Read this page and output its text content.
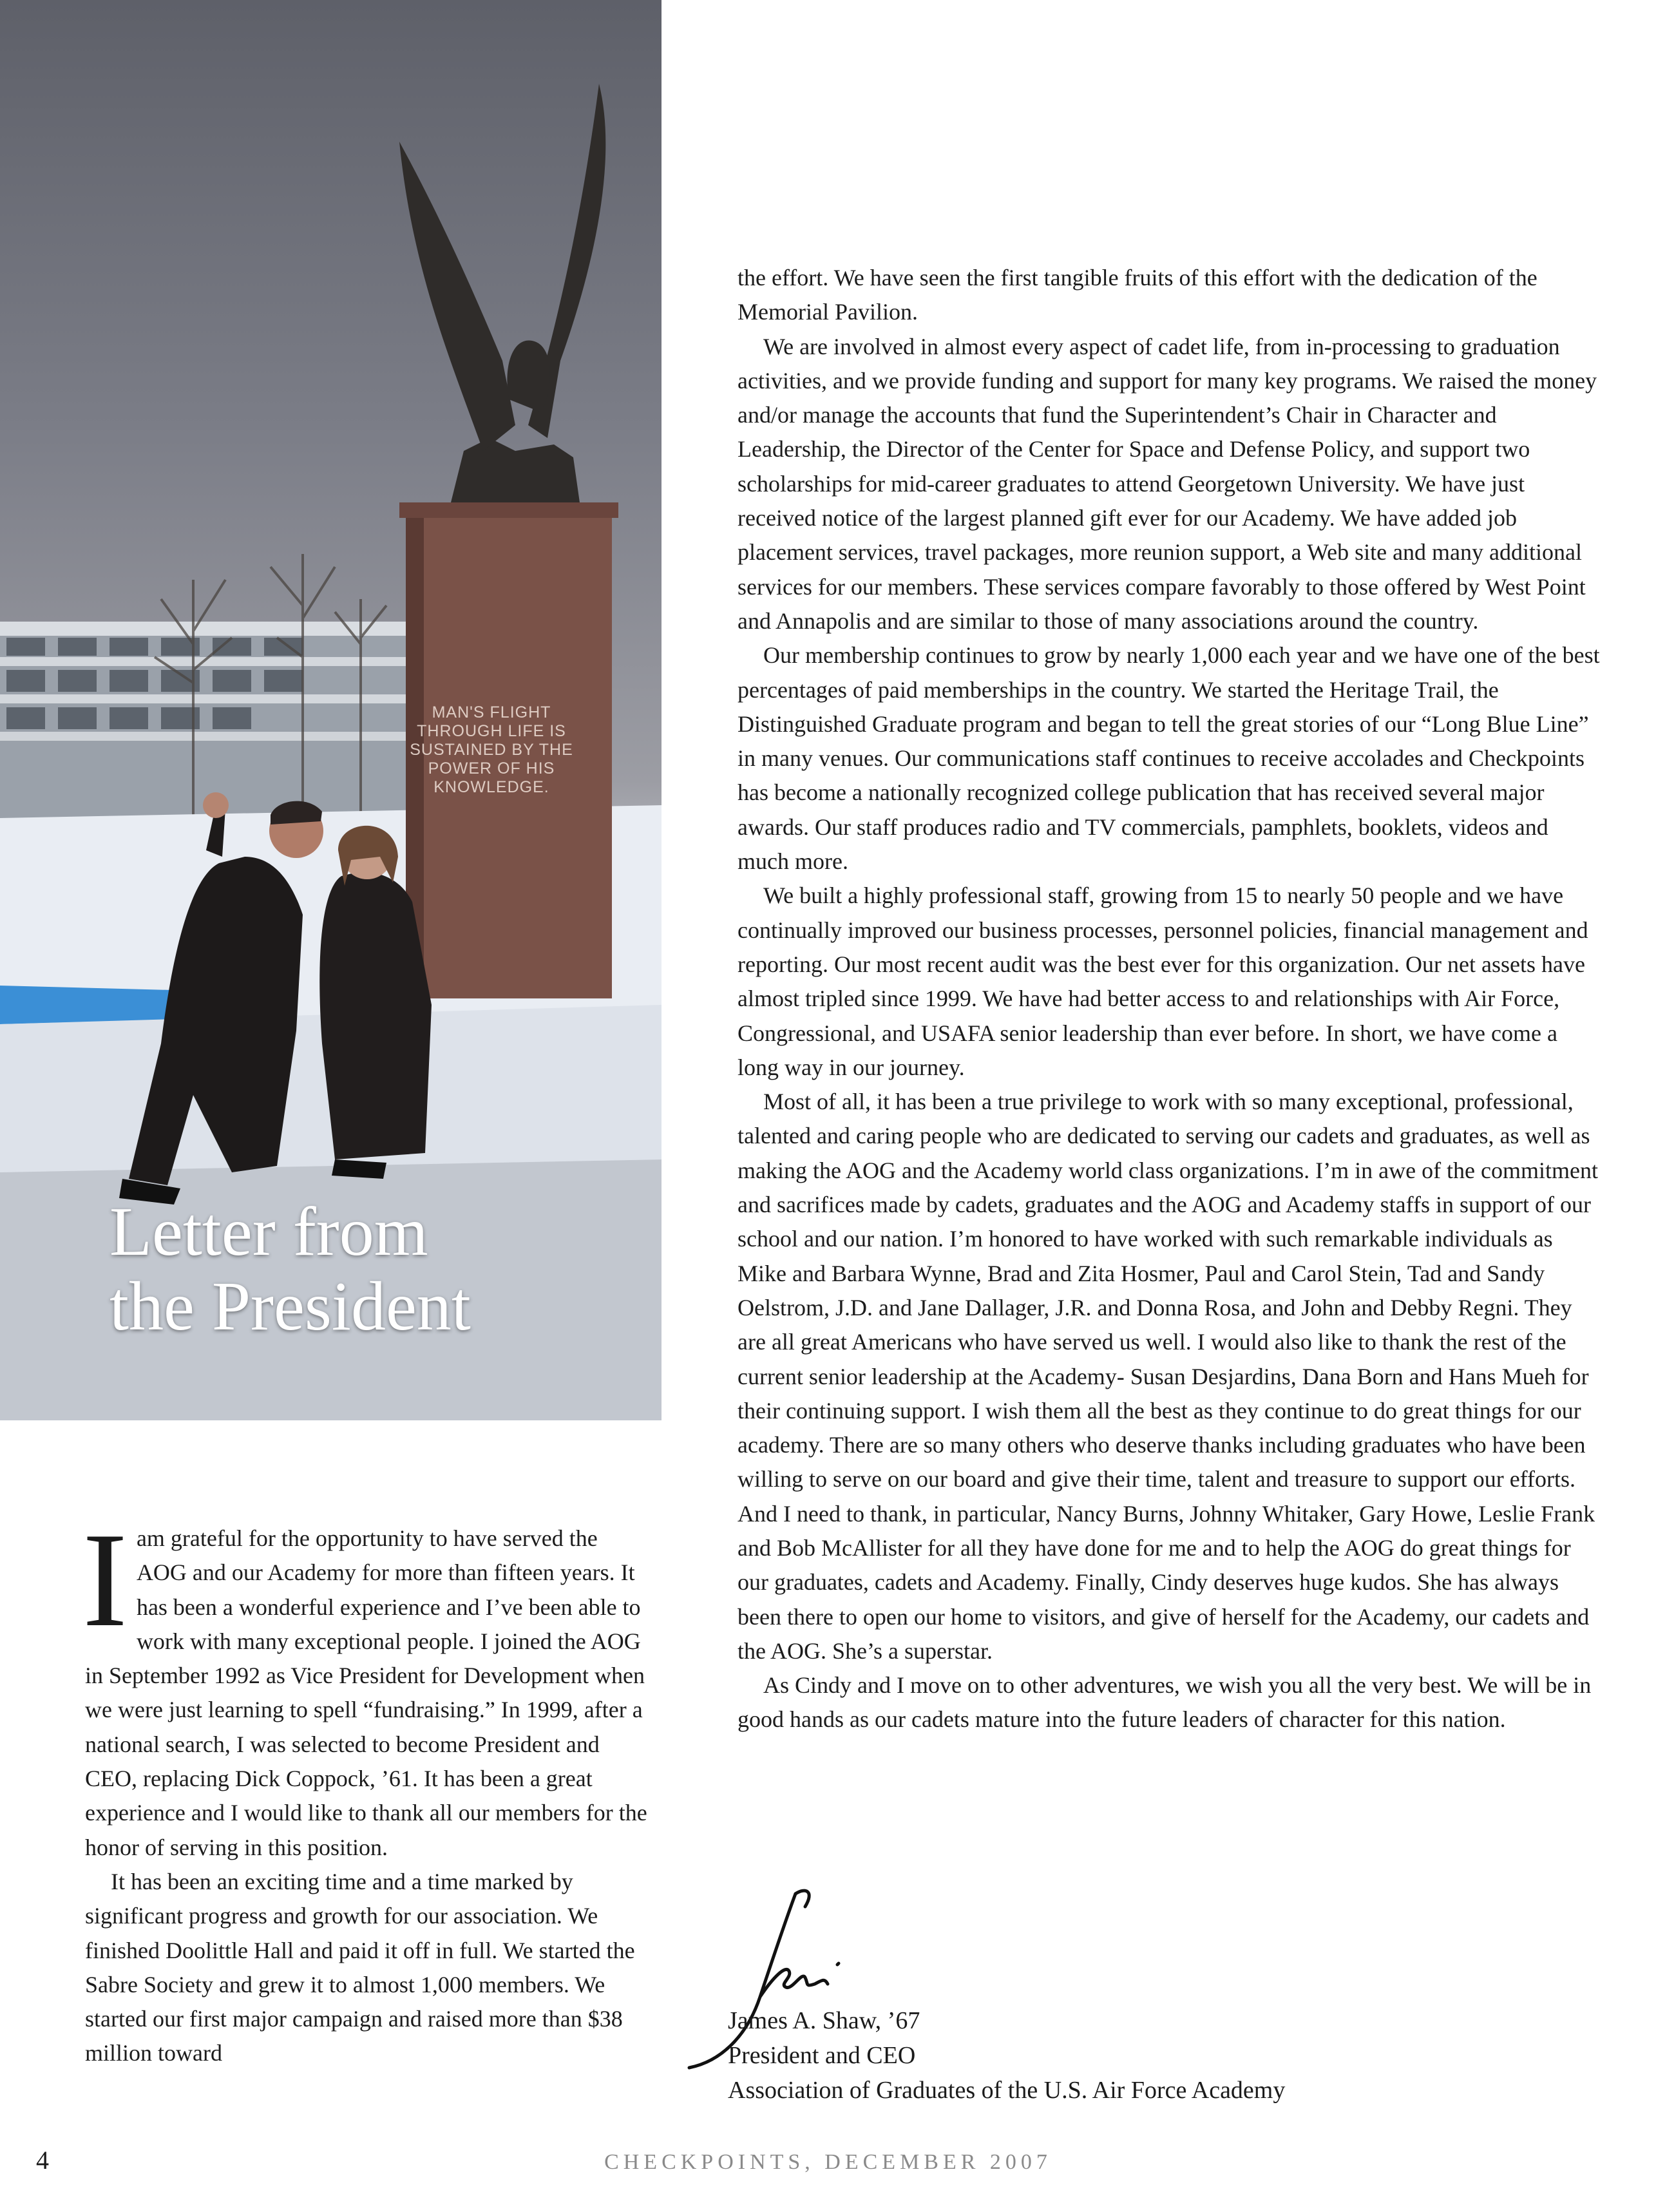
MAN'S FLIGHT
THROUGH LIFE IS
SUSTAINED BY THE
POWER OF HIS
KNOWLEDGE.
Letter from
the President

Iam grateful for the opportunity to have served the AOG and our Academy for more than fifteen years. It has been a wonderful experience and I’ve been able to work with many exceptional people. I joined the AOG in September 1992 as Vice President for Development when we were just learning to spell “fundraising.” In 1999, after a national search, I was selected to become President and CEO, replacing Dick Coppock, ’61. It has been a great experience and I would like to thank all our members for the honor of serving in this position.

It has been an exciting time and a time marked by significant progress and growth for our association. We finished Doolittle Hall and paid it off in full. We started the Sabre Society and grew it to almost 1,000 members. We started our first major campaign and raised more than $38 million toward

the effort. We have seen the first tangible fruits of this effort with the dedication of the Memorial Pavilion.

We are involved in almost every aspect of cadet life, from in-processing to graduation activities, and we provide funding and support for many key programs. We raised the money and/or manage the accounts that fund the Superintendent’s Chair in Character and Leadership, the Director of the Center for Space and Defense Policy, and support two scholarships for mid-career graduates to attend Georgetown University. We have just received notice of the largest planned gift ever for our Academy. We have added job placement services, travel packages, more reunion support, a Web site and many additional services for our members. These services compare favorably to those offered by West Point and Annapolis and are similar to those of many associations around the country.

Our membership continues to grow by nearly 1,000 each year and we have one of the best percentages of paid memberships in the country. We started the Heritage Trail, the Distinguished Graduate program and began to tell the great stories of our “Long Blue Line” in many venues. Our communications staff continues to receive accolades and Checkpoints has become a nationally recognized college publication that has received several major awards. Our staff produces radio and TV commercials, pamphlets, booklets, videos and much more.

We built a highly professional staff, growing from 15 to nearly 50 people and we have continually improved our business processes, personnel policies, financial management and reporting. Our most recent audit was the best ever for this organization. Our net assets have almost tripled since 1999. We have had better access to and relationships with Air Force, Congressional, and USAFA senior leadership than ever before. In short, we have come a long way in our journey.

Most of all, it has been a true privilege to work with so many exceptional, professional, talented and caring people who are dedicated to serving our cadets and graduates, as well as making the AOG and the Academy world class organizations. I’m in awe of the commitment and sacrifices made by cadets, graduates and the AOG and Academy staffs in support of our school and our nation. I’m honored to have worked with such remarkable individuals as Mike and Barbara Wynne, Brad and Zita Hosmer, Paul and Carol Stein, Tad and Sandy Oelstrom, J.D. and Jane Dallager, J.R. and Donna Rosa, and John and Debby Regni. They are all great Americans who have served us well. I would also like to thank the rest of the current senior leadership at the Academy- Susan Desjardins, Dana Born and Hans Mueh for their continuing support. I wish them all the best as they continue to do great things for our academy. There are so many others who deserve thanks including graduates who have been willing to serve on our board and give their time, talent and treasure to support our efforts. And I need to thank, in particular, Nancy Burns, Johnny Whitaker, Gary Howe, Leslie Frank and Bob McAllister for all they have done for me and to help the AOG do great things for our graduates, cadets and Academy. Finally, Cindy deserves huge kudos. She has always been there to open our home to visitors, and give of herself for the Academy, our cadets and the AOG. She’s a superstar.

As Cindy and I move on to other adventures, we wish you all the very best. We will be in good hands as our cadets mature into the future leaders of character for this nation.

James A. Shaw, ’67
President and CEO
Association of Graduates of the U.S. Air Force Academy
4	CHECKPOINTS, DECEMBER 2007
